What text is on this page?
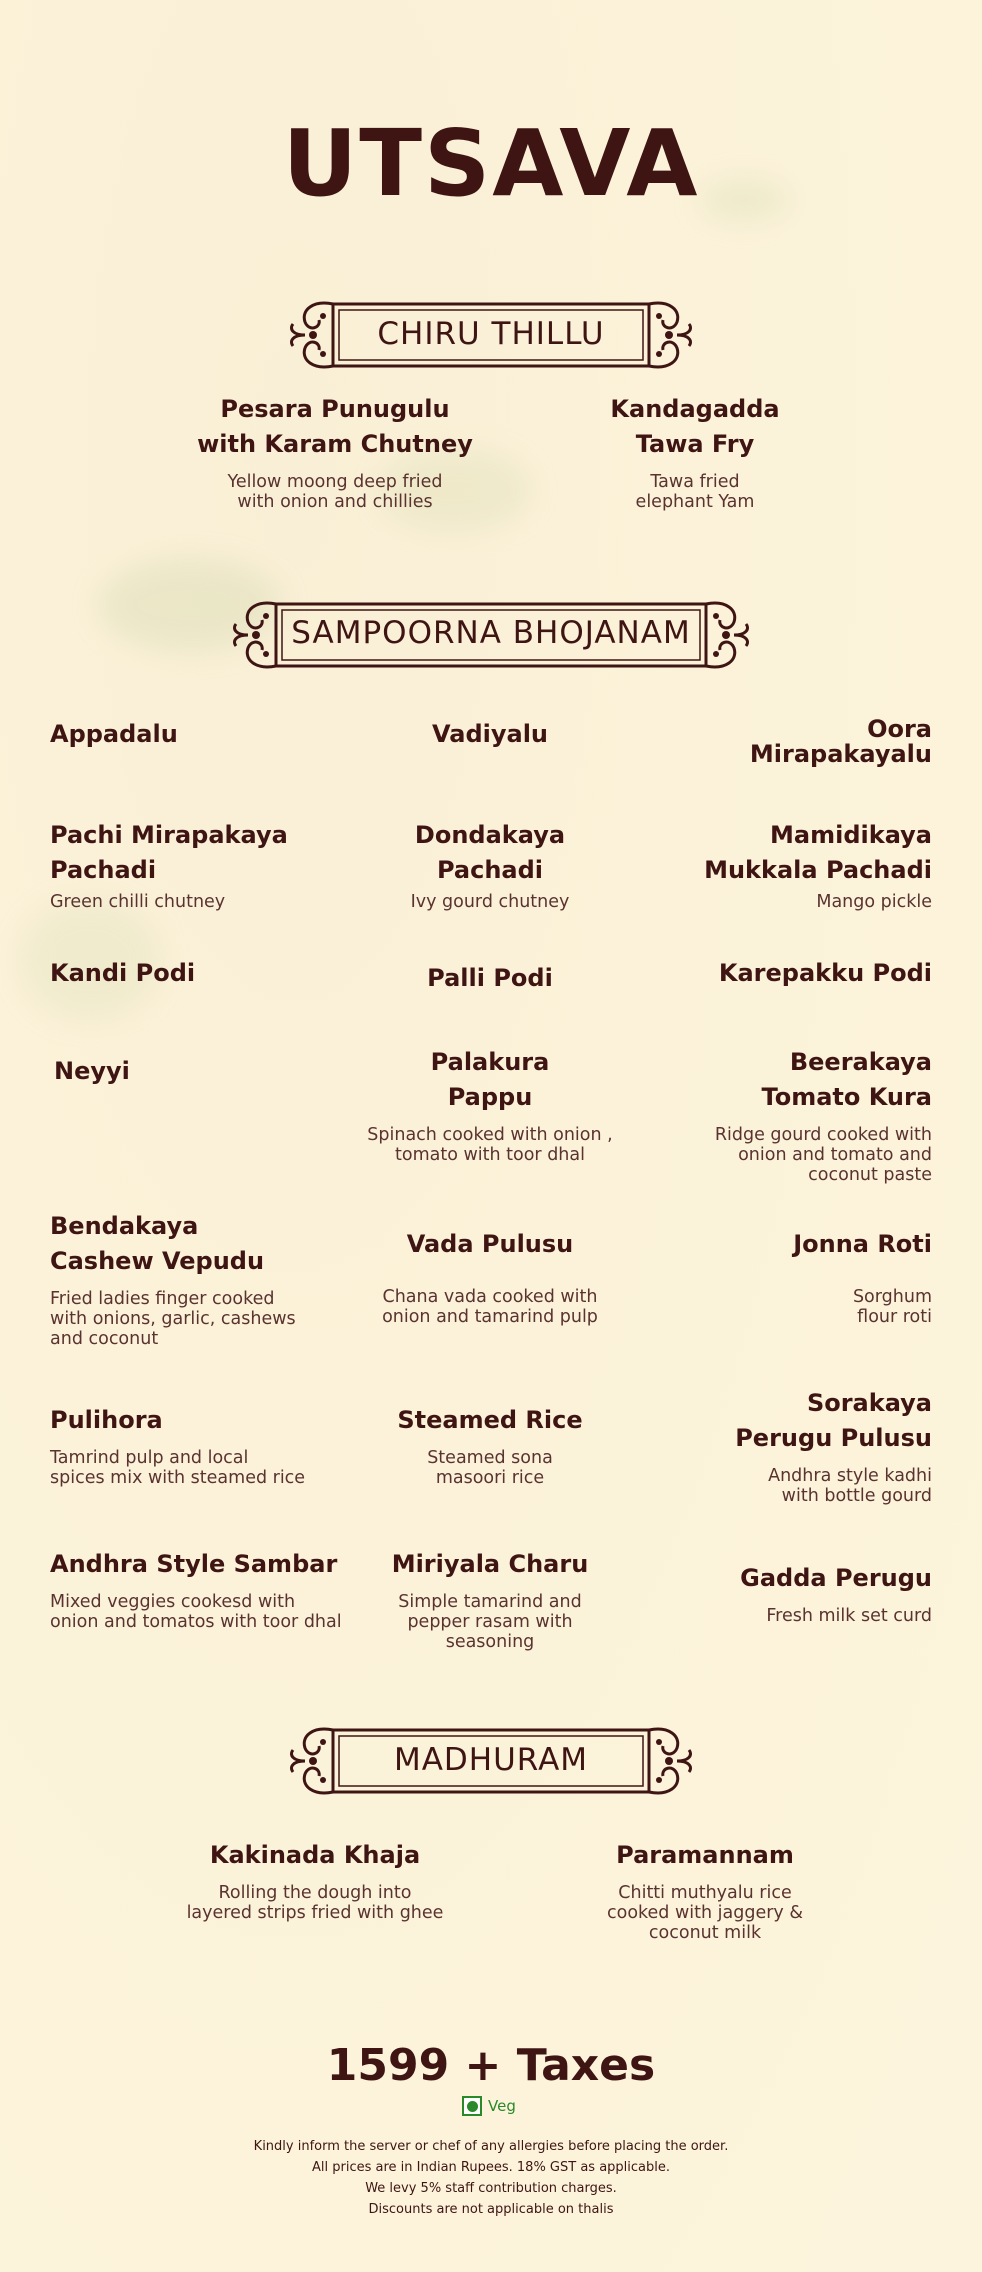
UTSAVA
CHIRU THILLU
Pesara Punugulu
with Karam Chutney
Yellow moong deep fried
with onion and chillies
Kandagadda
Tawa Fry
Tawa fried
elephant Yam
SAMPOORNA BHOJANAM
Appadalu	Vadiyalu	Oora
Mirapakayalu
Pachi Mirapakaya
Pachadi
Green chilli chutney
Dondakaya
Pachadi
Ivy gourd chutney
Mamidikaya
Mukkala Pachadi
Mango pickle
Kandi Podi	Palli Podi	Karepakku Podi
Neyyi	Palakura
Pappu
Spinach cooked with onion ,
tomato with toor dhal
Beerakaya
Tomato Kura
Ridge gourd cooked with
onion and tomato and
coconut paste
Bendakaya
Cashew Vepudu
Fried ladies finger cooked
with onions, garlic, cashews
and coconut
Vada Pulusu
Chana vada cooked with
onion and tamarind pulp
Jonna Roti
Sorghum
flour roti
Pulihora
Tamrind pulp and local
spices mix with steamed rice
Steamed Rice
Steamed sona
masoori rice
Sorakaya
Perugu Pulusu
Andhra style kadhi
with bottle gourd
Andhra Style Sambar
Mixed veggies cookesd with
onion and tomatos with toor dhal
Miriyala Charu
Simple tamarind and
pepper rasam with
seasoning
Gadda Perugu
Fresh milk set curd
MADHURAM
Kakinada Khaja
Rolling the dough into
layered strips fried with ghee
Paramannam
Chitti muthyalu rice
cooked with jaggery &
coconut milk
1599 + Taxes
Veg
Kindly inform the server or chef of any allergies before placing the order.
All prices are in Indian Rupees. 18% GST as applicable.
We levy 5% staff contribution charges.
Discounts are not applicable on thalis
